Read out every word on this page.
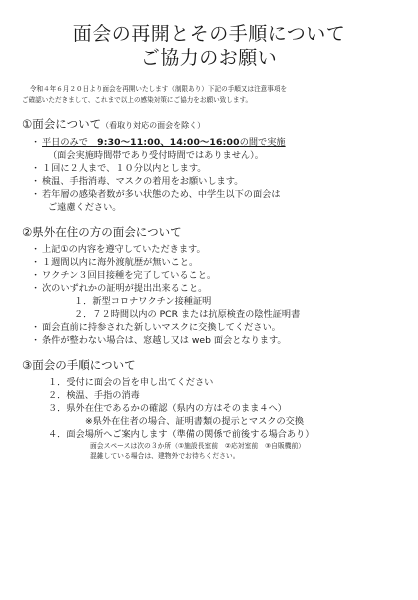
面会の再開とその手順について
ご協力のお願い
令和４年６月２０日より面会を再開いたします（制限あり）下記の手順又は注意事項を
ご確認いただきまして、これまで以上の感染対策にご協力をお願い致します。
①面会について（看取り対応の面会を除く）
・ 平日のみで　9:30～11:00、14:00～16:00の間で実施
（面会実施時間帯であり受付時間ではありません）。
・ １回に２人まで、１０分以内とします。
・ 検温、手指消毒、マスクの着用をお願いします。
・ 若年層の感染者数が多い状態のため、中学生以下の面会は
ご遠慮ください。
②県外在住の方の面会について
・ 上記①の内容を遵守していただきます。
・ １週間以内に海外渡航歴が無いこと。
・ ワクチン３回目接種を完了していること。
・ 次のいずれかの証明が提出出来ること。
１．新型コロナワクチン接種証明
２．７２時間以内の PCR または抗原検査の陰性証明書
・ 面会直前に持参された新しいマスクに交換してください。
・ 条件が整わない場合は、窓越し又は web 面会となります。
③面会の手順について
１．受付に面会の旨を申し出てください
２．検温、手指の消毒
３．県外在住であるかの確認（県内の方はそのまま４へ）
※県外在住者の場合、証明書類の提示とマスクの交換
４．面会場所へご案内します（準備の関係で前後する場合あり）
面会スペースは次の３か所（①施設長室前　②応対室前　③自販機前）
混雑している場合は、建物外でお待ちください。
